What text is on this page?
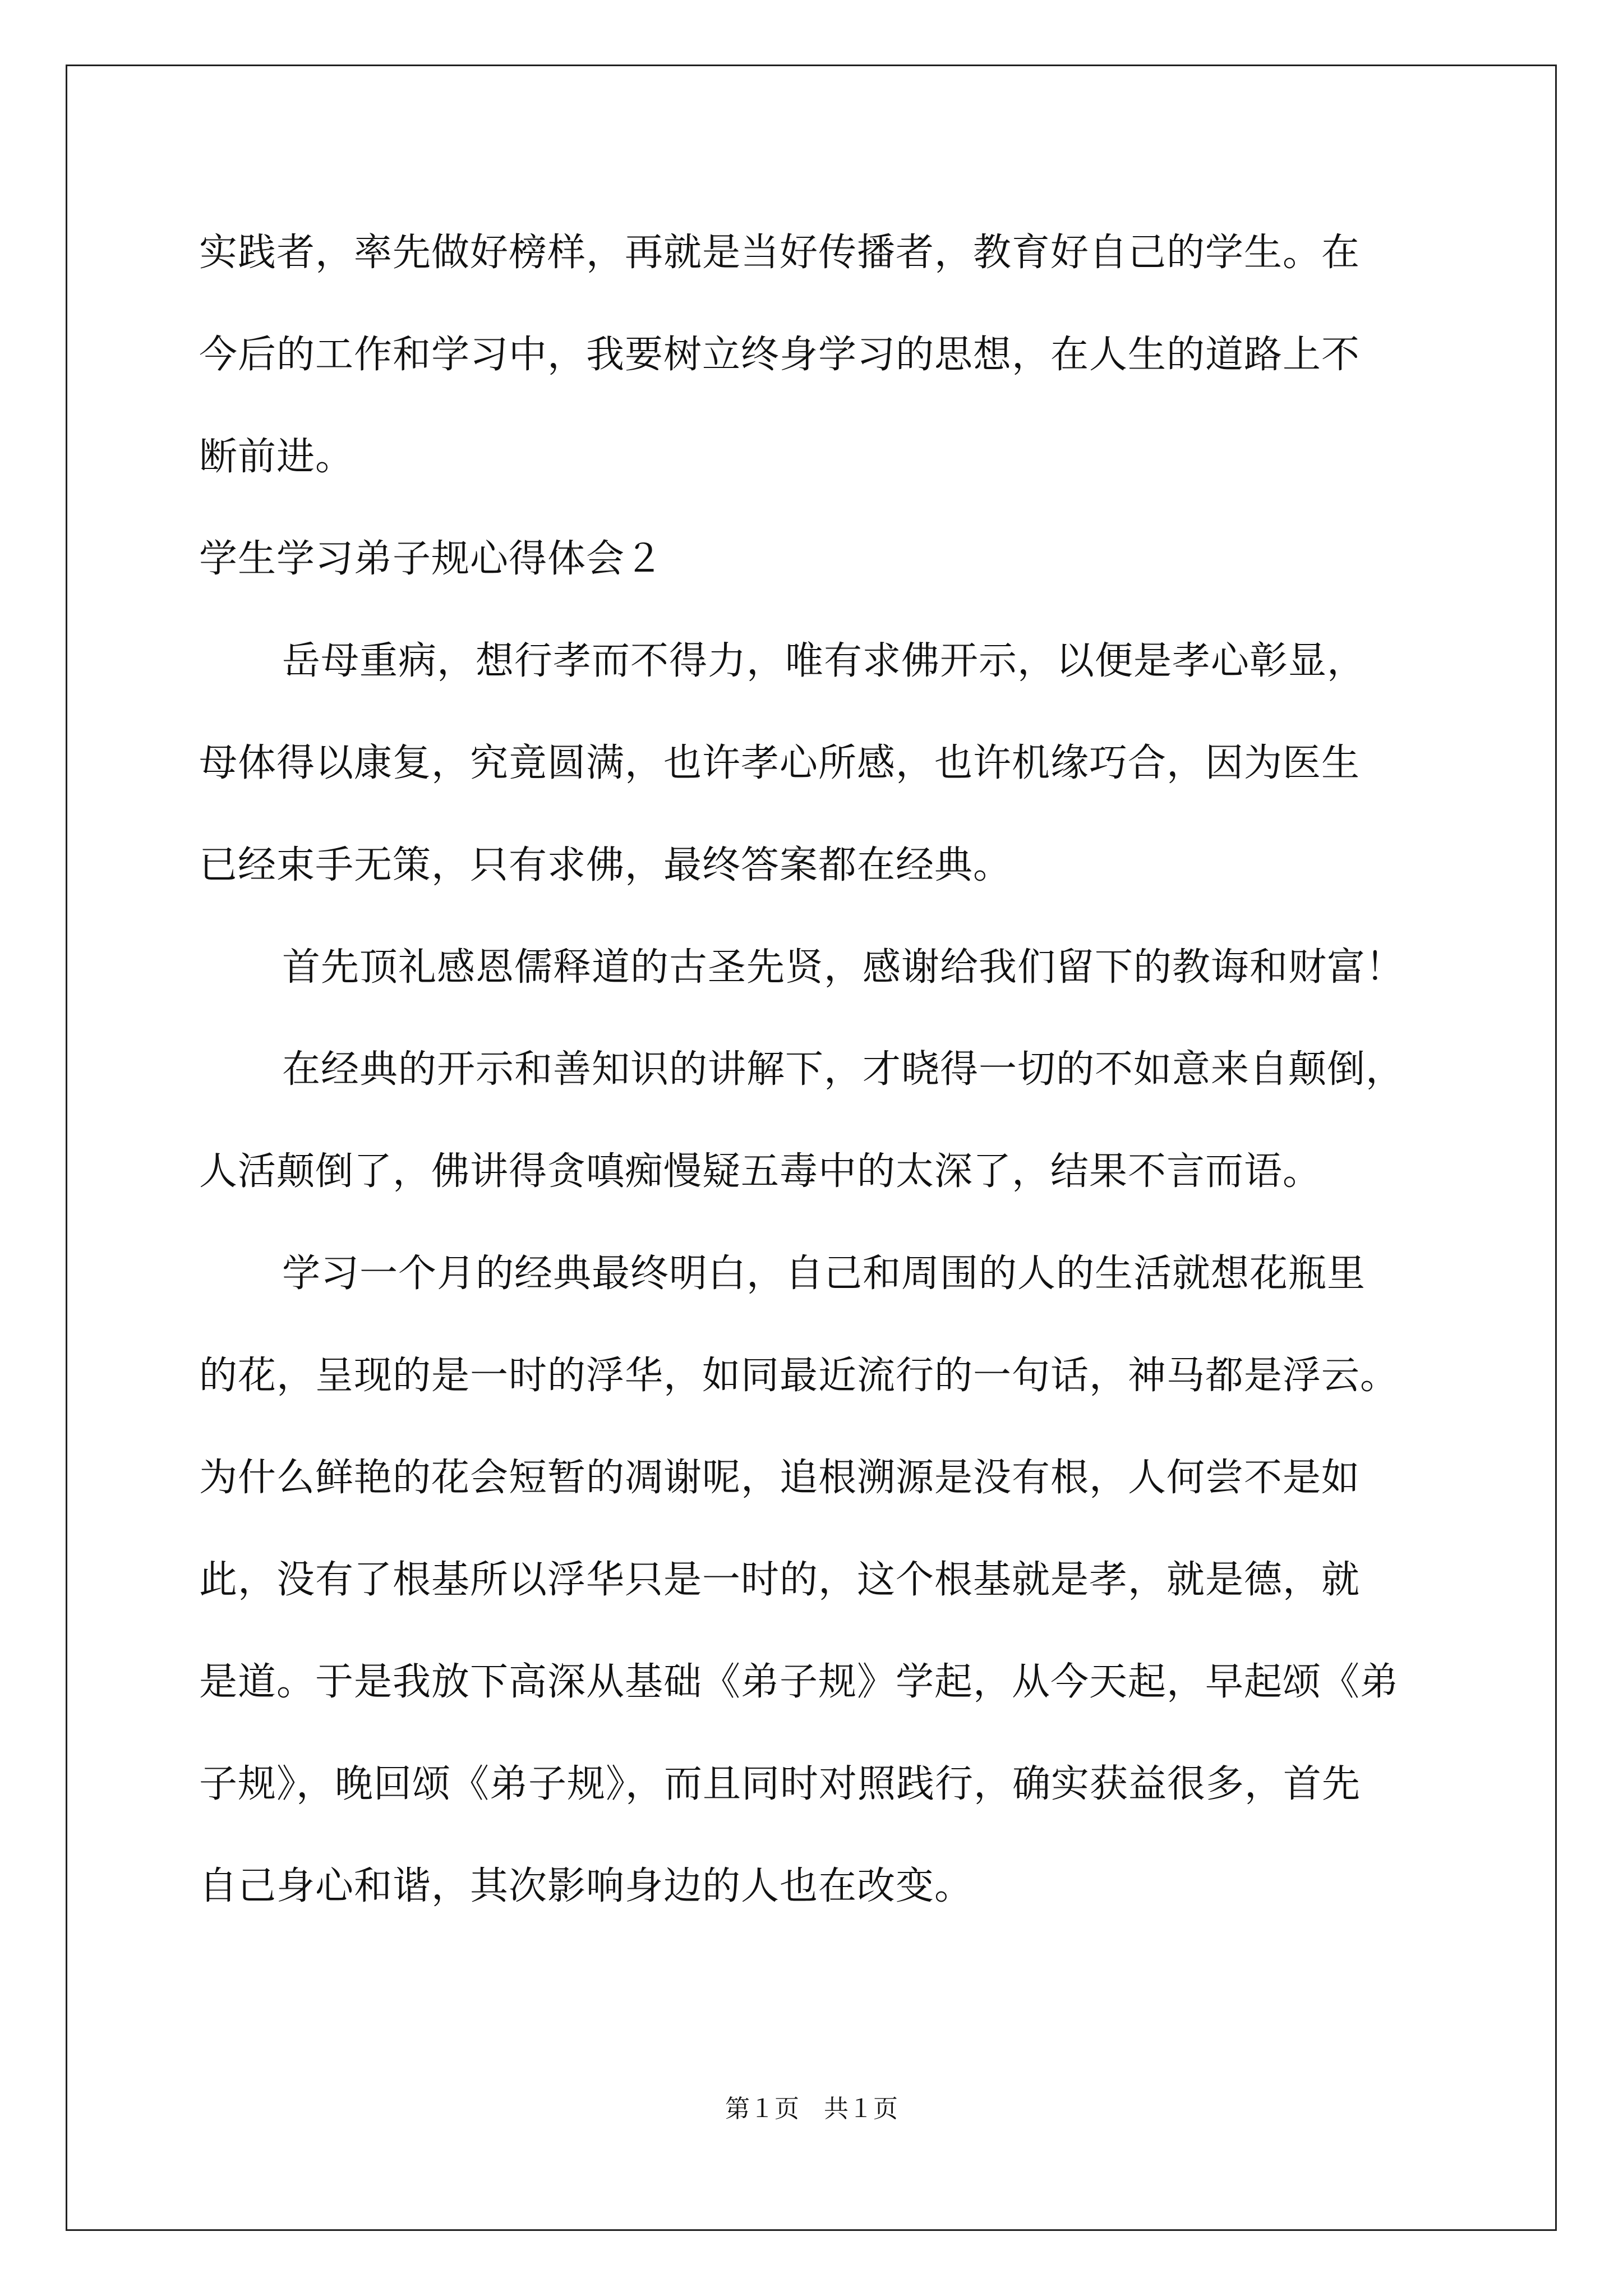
实践者，率先做好榜样，再就是当好传播者，教育好自己的学生。在
今后的工作和学习中，我要树立终身学习的思想，在人生的道路上不
断前进。
学生学习弟子规心得体会２
岳母重病，想行孝而不得力，唯有求佛开示，以便是孝心彰显，
母体得以康复，究竟圆满，也许孝心所感，也许机缘巧合，因为医生
已经束手无策，只有求佛，最终答案都在经典。
首先顶礼感恩儒释道的古圣先贤，感谢给我们留下的教诲和财富！
在经典的开示和善知识的讲解下，才晓得一切的不如意来自颠倒，
人活颠倒了，佛讲得贪嗔痴慢疑五毒中的太深了，结果不言而语。
学习一个月的经典最终明白，自己和周围的人的生活就想花瓶里
的花，呈现的是一时的浮华，如同最近流行的一句话，神马都是浮云。
为什么鲜艳的花会短暂的凋谢呢，追根溯源是没有根，人何尝不是如
此，没有了根基所以浮华只是一时的，这个根基就是孝，就是德，就
是道。于是我放下高深从基础《弟子规》学起，从今天起，早起颂《弟
子规》，晚回颂《弟子规》，而且同时对照践行，确实获益很多，首先
自己身心和谐，其次影响身边的人也在改变。
第１页　共１页
